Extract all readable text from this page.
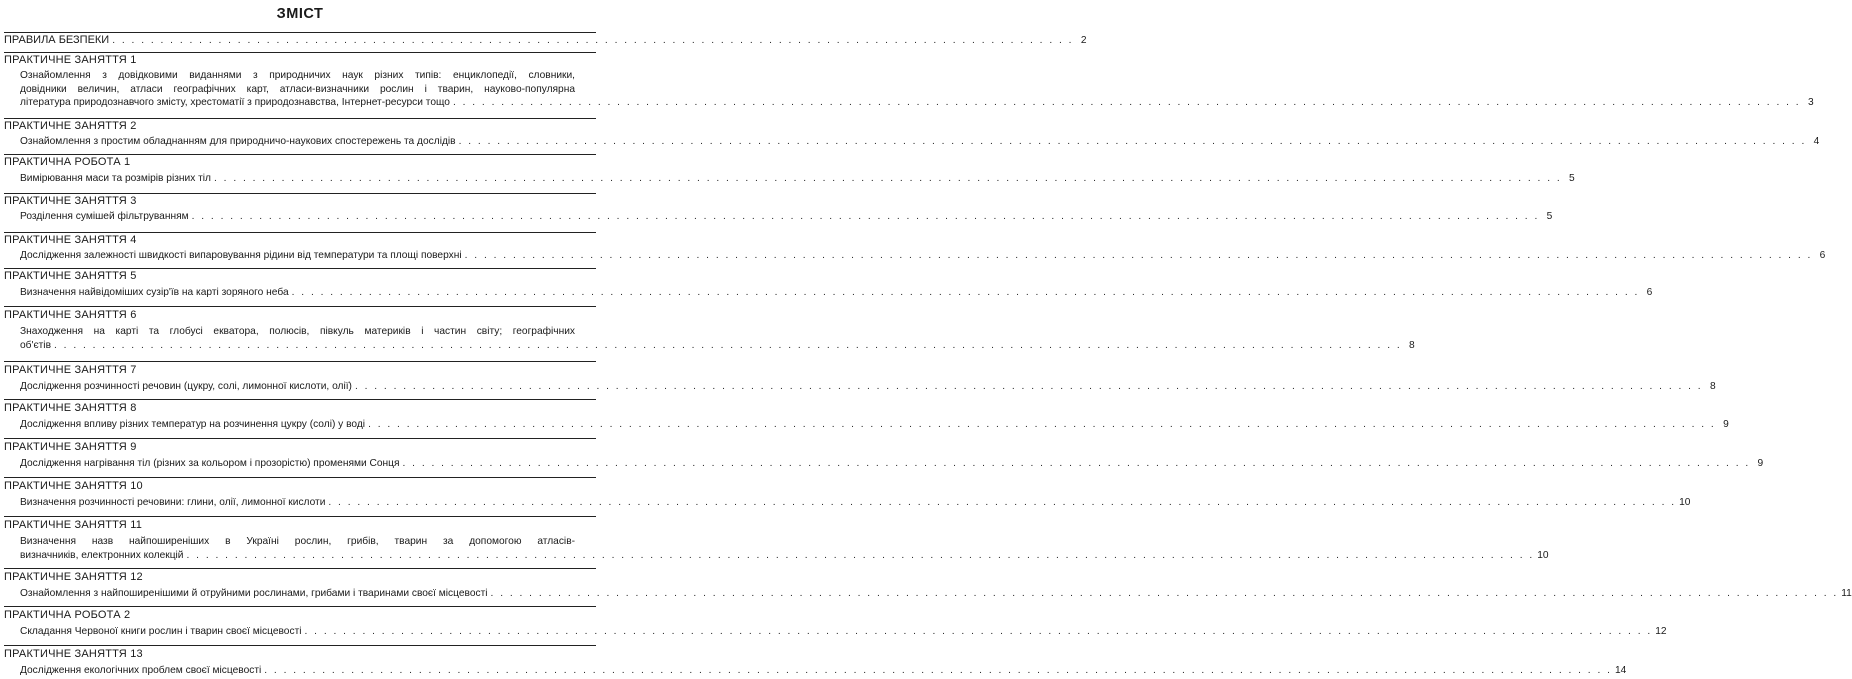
ЗМІСТ
ПРАВИЛА БЕЗПЕКИ . . . . . . . . . . . . . . . . . . . . . . . . . . . . . . . . . . . . . . . . . . . . . . . . . . . . . . . . . . . . . . . . . . . . . . . . . . . . . . . . . . . . . . . . . . . . . . . . . . . . 2
ПРАКТИЧНЕ ЗАНЯТТЯ 1
Ознайомлення з довідковими виданнями з природничих наук різних типів: енциклопедії, словники,
довідники величин, атласи географічних карт, атласи-визначники рослин і тварин, науково-популярна
література природознавчого змісту, хрестоматії з природознавства, Інтернет-ресурси тощо . . . . . . . . . . . . . . . . . . . . . . . . . . . . . . . . . . . . . . . . . . . . . . . . . . . . . . . . . . . . . . . . . . . . . . . . . . . . . . . . . . . . . . . . . . . . . . . . . . . . . . . . . . . . . . . . . . . . . . . . . . . . . . . . . . . . . . . . . . . . 3
ПРАКТИЧНЕ ЗАНЯТТЯ 2
Ознайомлення з простим обладнанням для природничо-наукових спостережень та дослідів . . . . . . . . . . . . . . . . . . . . . . . . . . . . . . . . . . . . . . . . . . . . . . . . . . . . . . . . . . . . . . . . . . . . . . . . . . . . . . . . . . . . . . . . . . . . . . . . . . . . . . . . . . . . . . . . . . . . . . . . . . . . . . . . . . . . . . . . . . . . 4
ПРАКТИЧНА РОБОТА 1
Вимірювання маси та розмірів різних тіл . . . . . . . . . . . . . . . . . . . . . . . . . . . . . . . . . . . . . . . . . . . . . . . . . . . . . . . . . . . . . . . . . . . . . . . . . . . . . . . . . . . . . . . . . . . . . . . . . . . . . . . . . . . . . . . . . . . . . . . . . . . . . . . . . . . . . . . . . . . . 5
ПРАКТИЧНЕ ЗАНЯТТЯ 3
Розділення сумішей фільтруванням . . . . . . . . . . . . . . . . . . . . . . . . . . . . . . . . . . . . . . . . . . . . . . . . . . . . . . . . . . . . . . . . . . . . . . . . . . . . . . . . . . . . . . . . . . . . . . . . . . . . . . . . . . . . . . . . . . . . . . . . . . . . . . . . . . . . . . . . . . . . 5
ПРАКТИЧНЕ ЗАНЯТТЯ 4
Дослідження залежності швидкості випаровування рідини від температури та площі поверхні . . . . . . . . . . . . . . . . . . . . . . . . . . . . . . . . . . . . . . . . . . . . . . . . . . . . . . . . . . . . . . . . . . . . . . . . . . . . . . . . . . . . . . . . . . . . . . . . . . . . . . . . . . . . . . . . . . . . . . . . . . . . . . . . . . . . . . . . . . . . 6
ПРАКТИЧНЕ ЗАНЯТТЯ 5
Визначення найвідоміших сузір'їв на карті зоряного неба . . . . . . . . . . . . . . . . . . . . . . . . . . . . . . . . . . . . . . . . . . . . . . . . . . . . . . . . . . . . . . . . . . . . . . . . . . . . . . . . . . . . . . . . . . . . . . . . . . . . . . . . . . . . . . . . . . . . . . . . . . . . . . . . . . . . . . . . . . . . 6
ПРАКТИЧНЕ ЗАНЯТТЯ 6
Знаходження на карті та глобусі екватора, полюсів, півкуль материків і частин світу; географічних
об'єтів . . . . . . . . . . . . . . . . . . . . . . . . . . . . . . . . . . . . . . . . . . . . . . . . . . . . . . . . . . . . . . . . . . . . . . . . . . . . . . . . . . . . . . . . . . . . . . . . . . . . . . . . . . . . . . . . . . . . . . . . . . . . . . . . . . . . . . . . . . . . 8
ПРАКТИЧНЕ ЗАНЯТТЯ 7
Дослідження розчинності речовин (цукру, солі, лимонної кислоти, олії) . . . . . . . . . . . . . . . . . . . . . . . . . . . . . . . . . . . . . . . . . . . . . . . . . . . . . . . . . . . . . . . . . . . . . . . . . . . . . . . . . . . . . . . . . . . . . . . . . . . . . . . . . . . . . . . . . . . . . . . . . . . . . . . . . . . . . . . . . . . . 8
ПРАКТИЧНЕ ЗАНЯТТЯ 8
Дослідження впливу різних температур на розчинення цукру (солі) у воді . . . . . . . . . . . . . . . . . . . . . . . . . . . . . . . . . . . . . . . . . . . . . . . . . . . . . . . . . . . . . . . . . . . . . . . . . . . . . . . . . . . . . . . . . . . . . . . . . . . . . . . . . . . . . . . . . . . . . . . . . . . . . . . . . . . . . . . . . . . . 9
ПРАКТИЧНЕ ЗАНЯТТЯ 9
Дослідження нагрівання тіл (різних за кольором і прозорістю) променями Сонця . . . . . . . . . . . . . . . . . . . . . . . . . . . . . . . . . . . . . . . . . . . . . . . . . . . . . . . . . . . . . . . . . . . . . . . . . . . . . . . . . . . . . . . . . . . . . . . . . . . . . . . . . . . . . . . . . . . . . . . . . . . . . . . . . . . . . . . . . . . . 9
ПРАКТИЧНЕ ЗАНЯТТЯ 10
Визначення розчинності речовини: глини, олії, лимонної кислоти . . . . . . . . . . . . . . . . . . . . . . . . . . . . . . . . . . . . . . . . . . . . . . . . . . . . . . . . . . . . . . . . . . . . . . . . . . . . . . . . . . . . . . . . . . . . . . . . . . . . . . . . . . . . . . . . . . . . . . . . . . . . . . . . . . . . . . . . . . . . 10
ПРАКТИЧНЕ ЗАНЯТТЯ 11
Визначення назв найпоширеніших в Україні рослин, грибів, тварин за допомогою атласів-
визначників, електронних колекцій . . . . . . . . . . . . . . . . . . . . . . . . . . . . . . . . . . . . . . . . . . . . . . . . . . . . . . . . . . . . . . . . . . . . . . . . . . . . . . . . . . . . . . . . . . . . . . . . . . . . . . . . . . . . . . . . . . . . . . . . . . . . . . . . . . . . . . . . . . . . 10
ПРАКТИЧНЕ ЗАНЯТТЯ 12
Ознайомлення з найпоширенішими й отруйними рослинами, грибами і тваринами своєї місцевості . . . . . . . . . . . . . . . . . . . . . . . . . . . . . . . . . . . . . . . . . . . . . . . . . . . . . . . . . . . . . . . . . . . . . . . . . . . . . . . . . . . . . . . . . . . . . . . . . . . . . . . . . . . . . . . . . . . . . . . . . . . . . . . . . . . . . . . . . . . . 11
ПРАКТИЧНА РОБОТА 2
Складання Червоної книги рослин і тварин своєї місцевості . . . . . . . . . . . . . . . . . . . . . . . . . . . . . . . . . . . . . . . . . . . . . . . . . . . . . . . . . . . . . . . . . . . . . . . . . . . . . . . . . . . . . . . . . . . . . . . . . . . . . . . . . . . . . . . . . . . . . . . . . . . . . . . . . . . . . . . . . . . . 12
ПРАКТИЧНЕ ЗАНЯТТЯ 13
Дослідження екологічних проблем своєї місцевості . . . . . . . . . . . . . . . . . . . . . . . . . . . . . . . . . . . . . . . . . . . . . . . . . . . . . . . . . . . . . . . . . . . . . . . . . . . . . . . . . . . . . . . . . . . . . . . . . . . . . . . . . . . . . . . . . . . . . . . . . . . . . . . . . . . . . . . . . . . . 14
